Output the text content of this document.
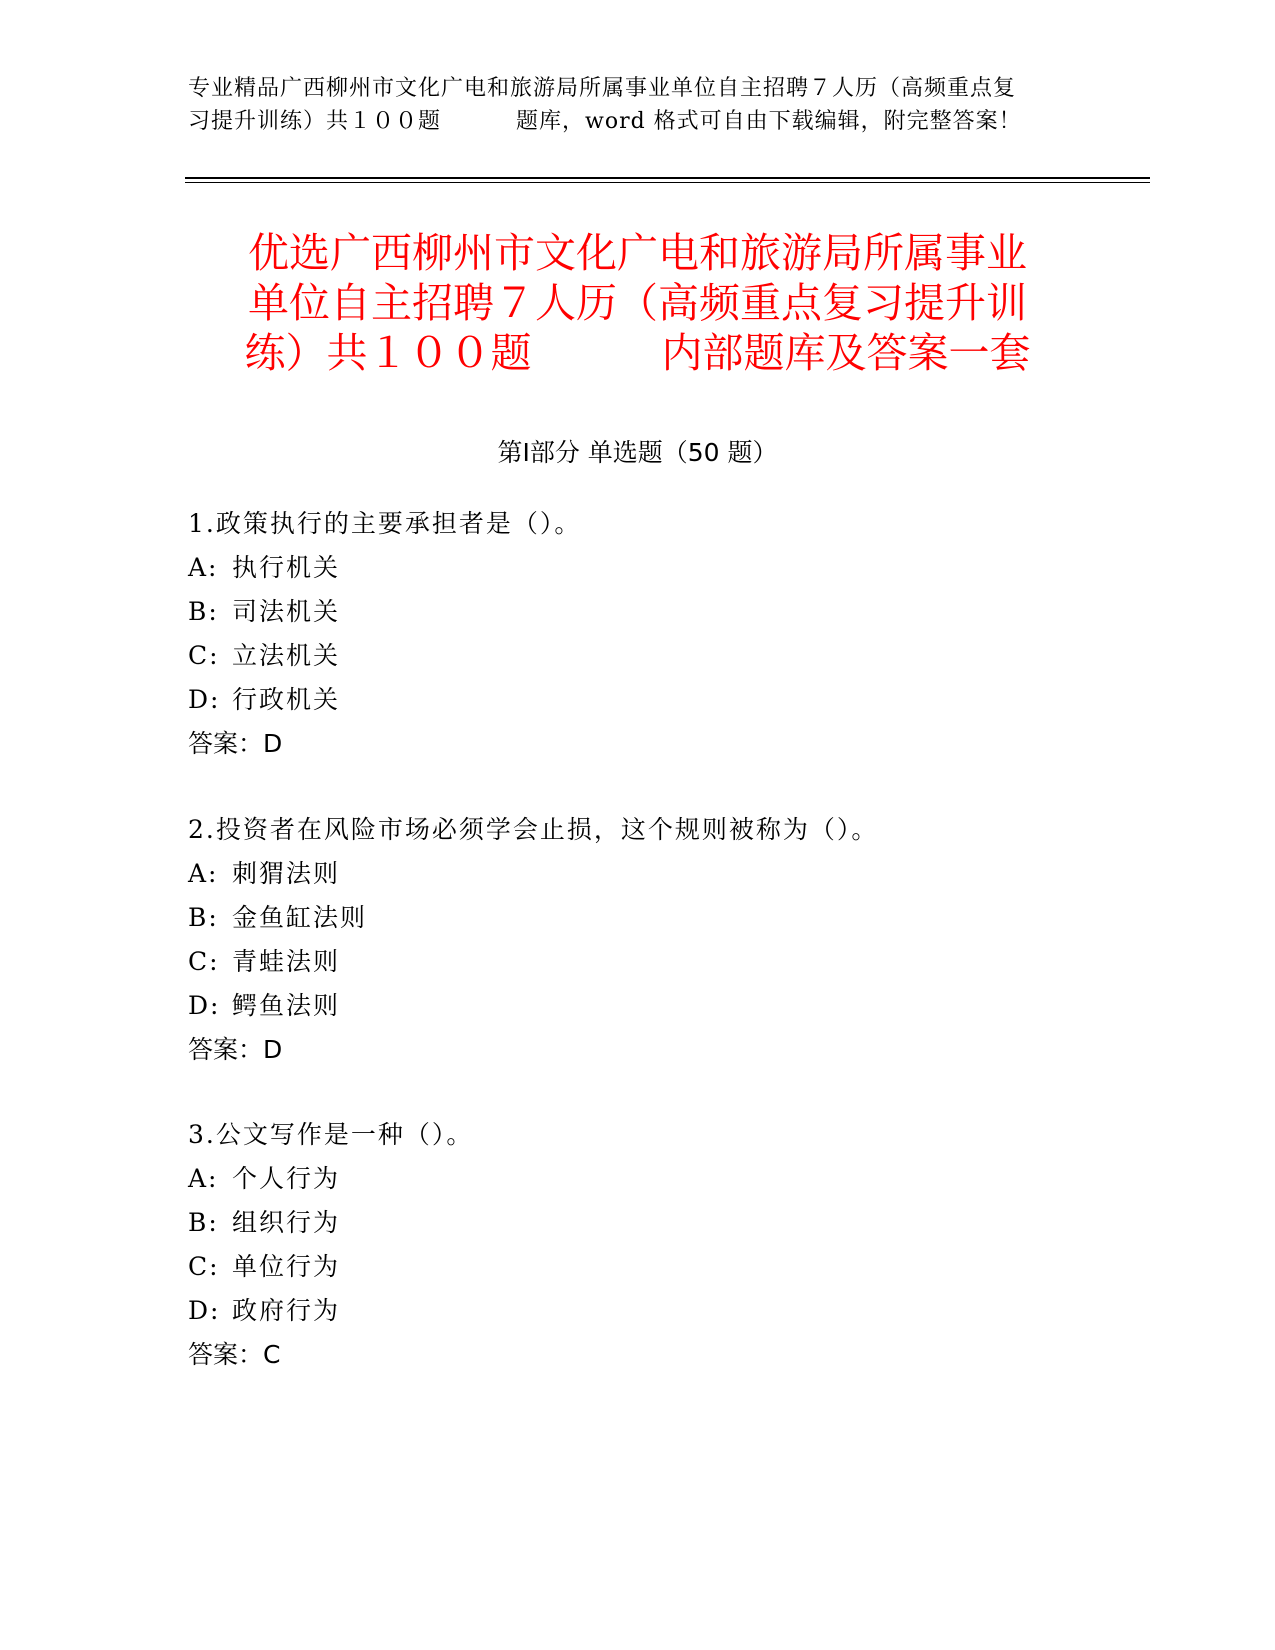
专业精品广西柳州市文化广电和旅游局所属事业单位自主招聘７人历（高频重点复
习提升训练）共１００题	题库，word 格式可自由下载编辑，附完整答案！
优选广西柳州市文化广电和旅游局所属事业
单位自主招聘７人历（高频重点复习提升训
练）共１００题	内部题库及答案一套
第Ⅰ部分 单选题（50 题）
1.政策执行的主要承担者是（）。
A: 执行机关
B: 司法机关
C: 立法机关
D: 行政机关
答案：D
2.投资者在风险市场必须学会止损，这个规则被称为（）。
A: 刺猬法则
B: 金鱼缸法则
C: 青蛙法则
D: 鳄鱼法则
答案：D
3.公文写作是一种（）。
A: 个人行为
B: 组织行为
C: 单位行为
D: 政府行为
答案：C
